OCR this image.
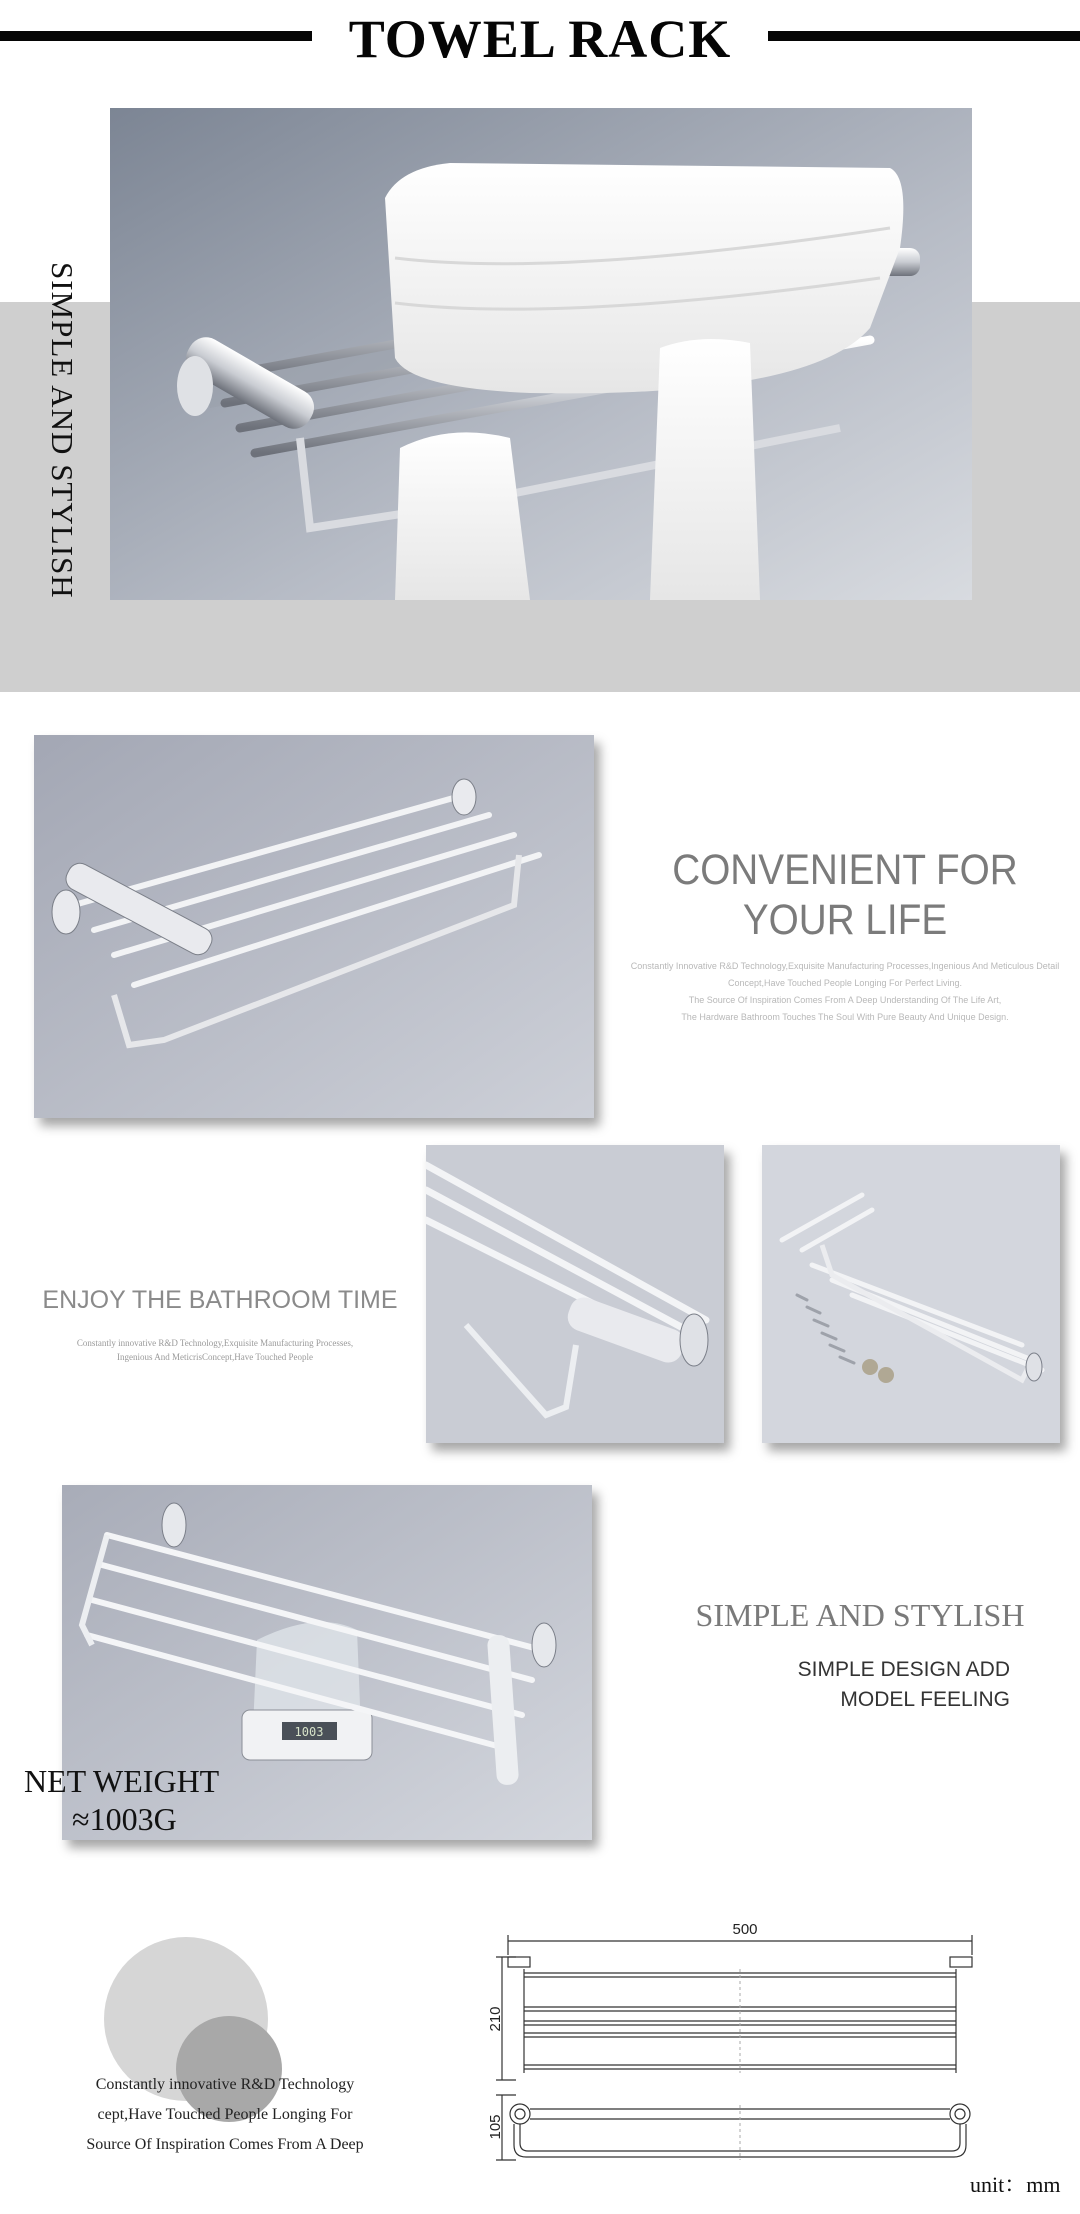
TOWEL RACK
SIMPLE AND STYLISH
CONVENIENT FOR
YOUR LIFE
Constantly Innovative R&D Technology,Exquisite Manufacturing Processes,Ingenious And Meticulous Detail
Concept,Have Touched People Longing For Perfect Living.
The Source Of Inspiration Comes From A Deep Understanding Of The Life Art,
The Hardware Bathroom Touches The Soul With Pure Beauty And Unique Design.
ENJOY THE BATHROOM TIME
Constantly innovative R&D Technology,Exquisite Manufacturing Processes,
Ingenious And MeticrisConcept,Have Touched People
1003
NET WEIGHT
≈1003G
SIMPLE AND STYLISH
SIMPLE DESIGN ADD
MODEL FEELING
Constantly innovative R&D Technology
cept,Have Touched People Longing For
Source Of Inspiration Comes From A Deep
500
210
105
unit：mm
